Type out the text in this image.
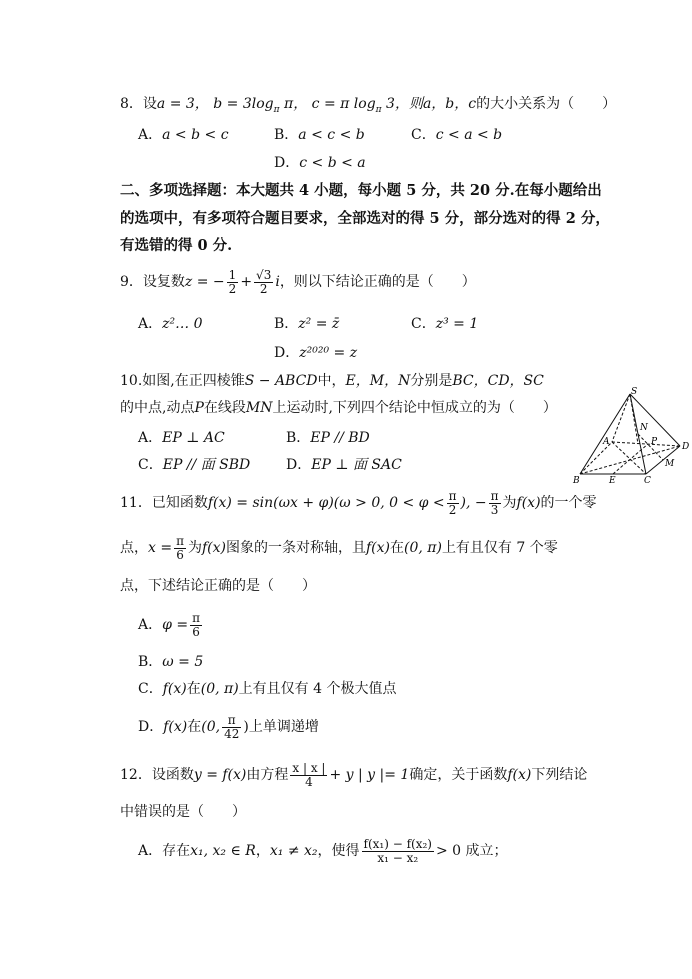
8．设a = 3， $b = 3\log_\pi$ π， c = π $\log_\pi 3$，则a，b，c的大小关系为（　　）
A．a < b < c	B．a < c < b	C．c < a < b
D．c < b < a
二、多项选择题：本大题共 4 小题，每小题 5 分，共 20 分.在每小题给出
的选项中，有多项符合题目要求，全部选对的得 5 分，部分选对的得 2 分，
有选错的得 0 分.
9．设复数z = − $\frac{1}{2} + \frac{√3}{2}$ i，则以下结论正确的是（　　）
A．z²… 0	B．z² = z̄	C．z³ = 1
D．z²⁰²⁰ = z
10.如图,在正四棱锥S − ABCD中，E，M，N分别是BC，CD，SC
的中点,动点P在线段MN上运动时,下列四个结论中恒成立的为（　　）
A．EP ⊥ AC	B．EP // BD
C．EP // 面 SBD	D．EP ⊥ 面 SAC
S
A
B	C
D
E
M
N
P
11．已知函数f(x) = sin(ωx + φ)(ω > 0, $0 < \varphi < \frac{\pi}{2}$ ), − $\frac{\pi}{3}$ 为f(x)的一个零
点，$x = \frac{\pi}{6}$ 为f(x)图象的一条对称轴，且f(x)在(0, π)上有且仅有 7 个零
点，下述结论正确的是（　　）
A．$\varphi = \frac{\pi}{6}$
B．ω = 5
C．f(x)在(0, π)上有且仅有 4 个极大值点
D．f(x)在(0, $\frac{\pi}{42}$ )上单调递增
12．设函数y = f(x)由方程 $\frac{x | x |}{4} + y$ | y |= 1确定，关于函数f(x)下列结论
中错误的是（　　）
A．存在x₁, x₂ ∈ R，x₁ ≠ x₂，使得 $\frac{\text{f(x₁) − f(x₂)}}{\text{x₁ − x₂}} > 0$ 成立；
